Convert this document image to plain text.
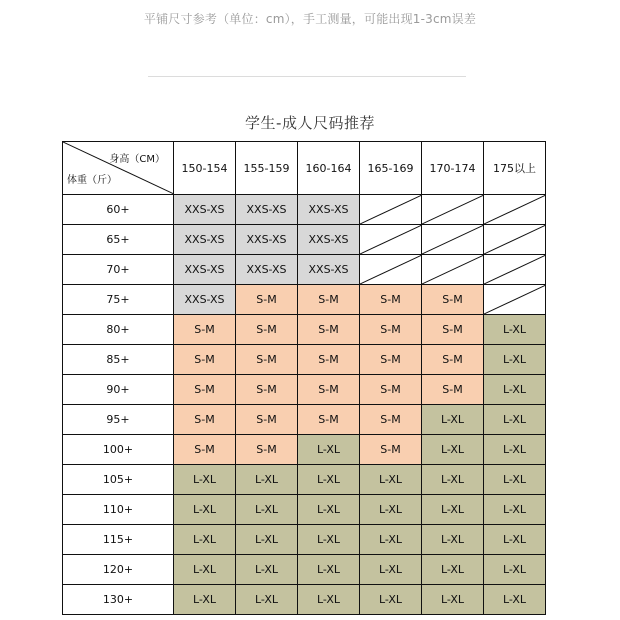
平铺尺寸参考（单位：cm），手工测量，可能出现1-3cm误差
学生-成人尺码推荐
身高（CM）
体重（斤）	150-154	155-159	160-164	165-169	170-174	175以上
60+	XXS-XS	XXS-XS	XXS-XS	

65+	XXS-XS	XXS-XS	XXS-XS	

70+	XXS-XS	XXS-XS	XXS-XS	

75+	XXS-XS	S-M	S-M	S-M	S-M	

80+	S-M	S-M	S-M	S-M	S-M	L-XL
85+	S-M	S-M	S-M	S-M	S-M	L-XL
90+	S-M	S-M	S-M	S-M	S-M	L-XL
95+	S-M	S-M	S-M	S-M	L-XL	L-XL
100+	S-M	S-M	L-XL	S-M	L-XL	L-XL
105+	L-XL	L-XL	L-XL	L-XL	L-XL	L-XL
110+	L-XL	L-XL	L-XL	L-XL	L-XL	L-XL
115+	L-XL	L-XL	L-XL	L-XL	L-XL	L-XL
120+	L-XL	L-XL	L-XL	L-XL	L-XL	L-XL
130+	L-XL	L-XL	L-XL	L-XL	L-XL	L-XL
